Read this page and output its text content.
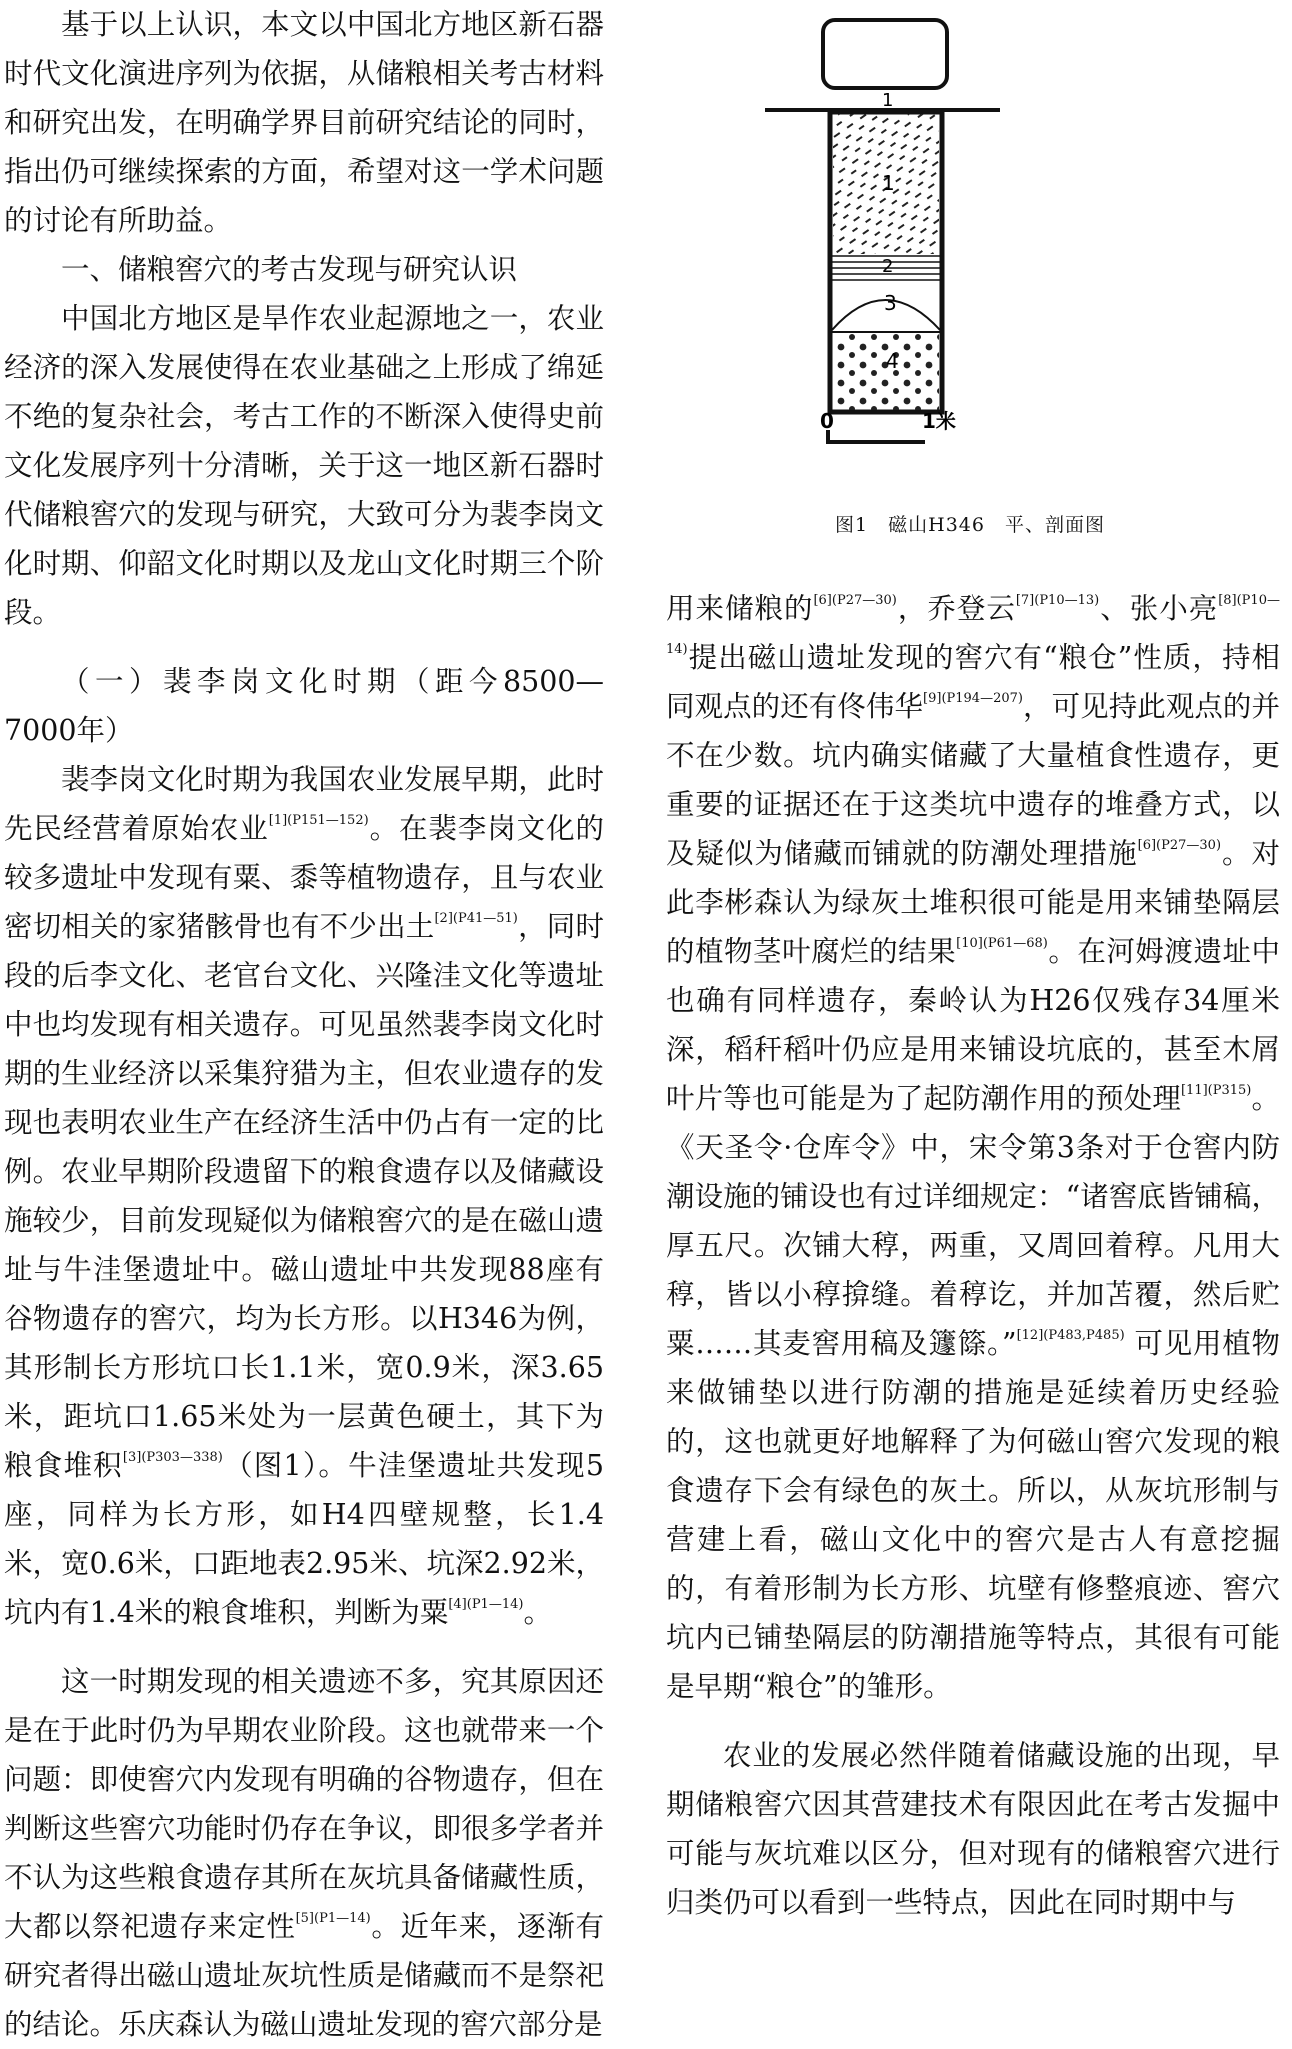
基于以上认识，本文以中国北方地区新石器时代文化演进序列为依据，从储粮相关考古材料和研究出发，在明确学界目前研究结论的同时，指出仍可继续探索的方面，希望对这一学术问题的讨论有所助益。

一、储粮窖穴的考古发现与研究认识

中国北方地区是旱作农业起源地之一，农业经济的深入发展使得在农业基础之上形成了绵延不绝的复杂社会，考古工作的不断深入使得史前文化发展序列十分清晰，关于这一地区新石器时代储粮窖穴的发现与研究，大致可分为裴李岗文化时期、仰韶文化时期以及龙山文化时期三个阶段。

（一）裴李岗文化时期（距今8500—7000年）

裴李岗文化时期为我国农业发展早期，此时先民经营着原始农业$^{[1](P151—152)}$。在裴李岗文化的较多遗址中发现有粟、黍等植物遗存，且与农业密切相关的家猪骸骨也有不少出土$^{[2](P41—51)}$，同时段的后李文化、老官台文化、兴隆洼文化等遗址中也均发现有相关遗存。可见虽然裴李岗文化时期的生业经济以采集狩猎为主，但农业遗存的发现也表明农业生产在经济生活中仍占有一定的比例。农业早期阶段遗留下的粮食遗存以及储藏设施较少，目前发现疑似为储粮窖穴的是在磁山遗址与牛洼堡遗址中。磁山遗址中共发现88座有谷物遗存的窖穴，均为长方形。以H346为例，其形制长方形坑口长1.1米，宽0.9米，深3.65米，距坑口1.65米处为一层黄色硬土，其下为粮食堆积$^{[3](P303—338)}$（图1）。牛洼堡遗址共发现5座，同样为长方形，如H4四壁规整，长1.4米，宽0.6米，口距地表2.95米、坑深2.92米，坑内有1.4米的粮食堆积，判断为粟$^{[4](P1—14)}$。

这一时期发现的相关遗迹不多，究其原因还是在于此时仍为早期农业阶段。这也就带来一个问题：即使窖穴内发现有明确的谷物遗存，但在判断这些窖穴功能时仍存在争议，即很多学者并不认为这些粮食遗存其所在灰坑具备储藏性质，大都以祭祀遗存来定性$^{[5](P1—14)}$。近年来，逐渐有研究者得出磁山遗址灰坑性质是储藏而不是祭祀的结论。乐庆森认为磁山遗址发现的窖穴部分是

1
1
2
3
4
0	1米
图1　磁山H346　平、剖面图

用来储粮的$^{[6](P27—30)}$，乔登云$^{[7](P10—13)}$、张小亮$^{[8](P10—14)}$提出磁山遗址发现的窖穴有“粮仓”性质，持相同观点的还有佟伟华$^{[9](P194—207)}$，可见持此观点的并不在少数。坑内确实储藏了大量植食性遗存，更重要的证据还在于这类坑中遗存的堆叠方式，以及疑似为储藏而铺就的防潮处理措施$^{[6](P27—30)}$。对此李彬森认为绿灰土堆积很可能是用来铺垫隔层的植物茎叶腐烂的结果$^{[10](P61—68)}$。在河姆渡遗址中也确有同样遗存，秦岭认为H26仅残存34厘米深，稻秆稻叶仍应是用来铺设坑底的，甚至木屑叶片等也可能是为了起防潮作用的预处理$^{[11](P315)}$。《天圣令·仓库令》中，宋令第3条对于仓窖内防潮设施的铺设也有过详细规定：“诸窖底皆铺稿，厚五尺。次铺大稕，两重，又周回着稕。凡用大稕，皆以小稕揜缝。着稕讫，并加苫覆，然后贮粟……其麦窖用稿及籧篨。”$^{[12](P483,P485)}$ 可见用植物来做铺垫以进行防潮的措施是延续着历史经验的，这也就更好地解释了为何磁山窖穴发现的粮食遗存下会有绿色的灰土。所以，从灰坑形制与营建上看，磁山文化中的窖穴是古人有意挖掘的，有着形制为长方形、坑壁有修整痕迹、窖穴坑内已铺垫隔层的防潮措施等特点，其很有可能是早期“粮仓”的雏形。

农业的发展必然伴随着储藏设施的出现，早期储粮窖穴因其营建技术有限因此在考古发掘中可能与灰坑难以区分，但对现有的储粮窖穴进行归类仍可以看到一些特点，因此在同时期中与
